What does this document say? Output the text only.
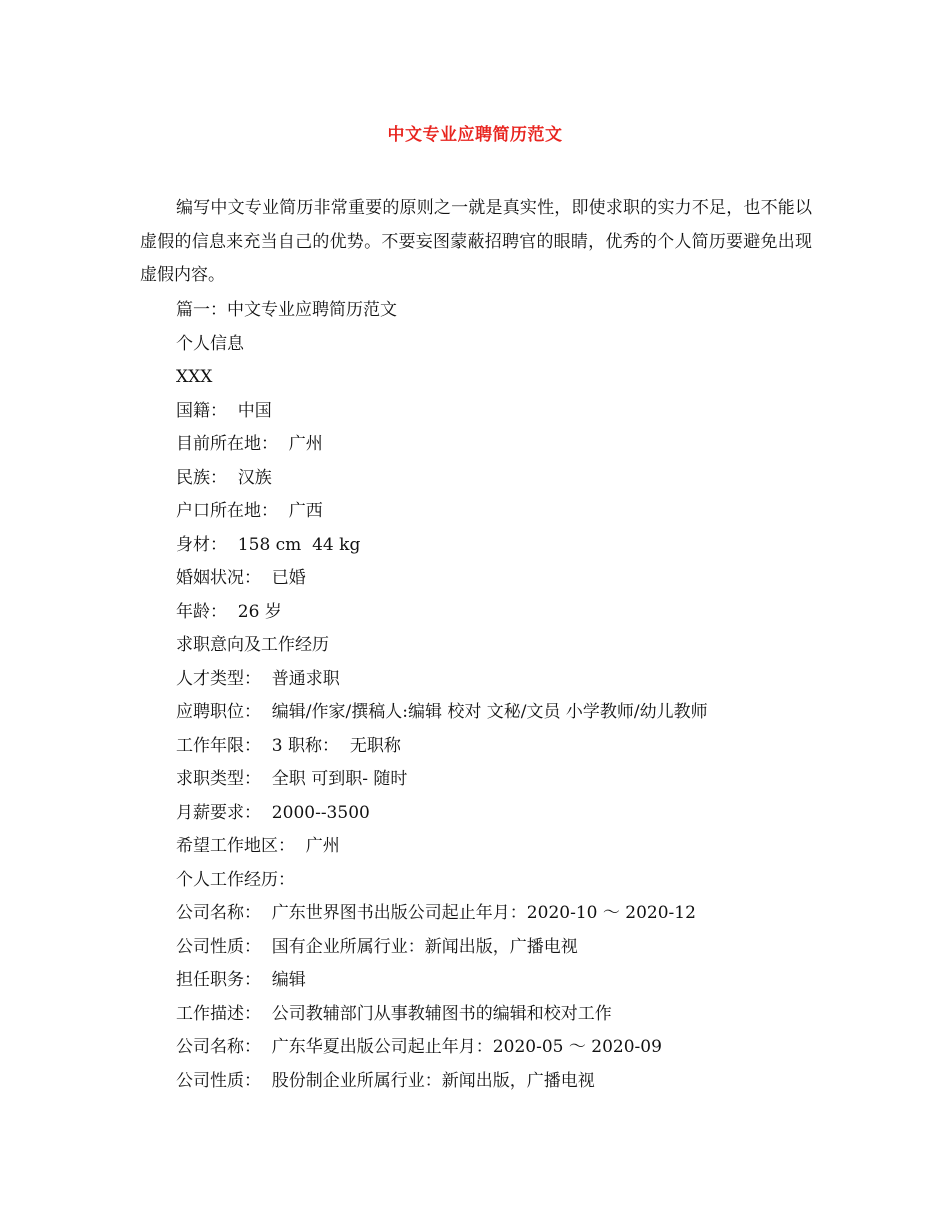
中文专业应聘简历范文

编写中文专业简历非常重要的原则之一就是真实性，即使求职的实力不足，也不能以虚假的信息来充当自己的优势。不要妄图蒙蔽招聘官的眼睛，优秀的个人简历要避免出现虚假内容。

篇一：中文专业应聘简历范文
个人信息
XXX
国籍：  中国
目前所在地：  广州
民族：  汉族
户口所在地：  广西
身材：  158 cm  44 kg
婚姻状况：  已婚
年龄：  26 岁
求职意向及工作经历
人才类型：  普通求职
应聘职位：  编辑/作家/撰稿人:编辑 校对 文秘/文员 小学教师/幼儿教师
工作年限：  3 职称：  无职称
求职类型：  全职 可到职- 随时
月薪要求：  2000--3500
希望工作地区：  广州
个人工作经历：
公司名称：  广东世界图书出版公司起止年月：2020-10 ～ 2020-12
公司性质：  国有企业所属行业：新闻出版，广播电视
担任职务：  编辑
工作描述：  公司教辅部门从事教辅图书的编辑和校对工作
公司名称：  广东华夏出版公司起止年月：2020-05 ～ 2020-09
公司性质：  股份制企业所属行业：新闻出版，广播电视
